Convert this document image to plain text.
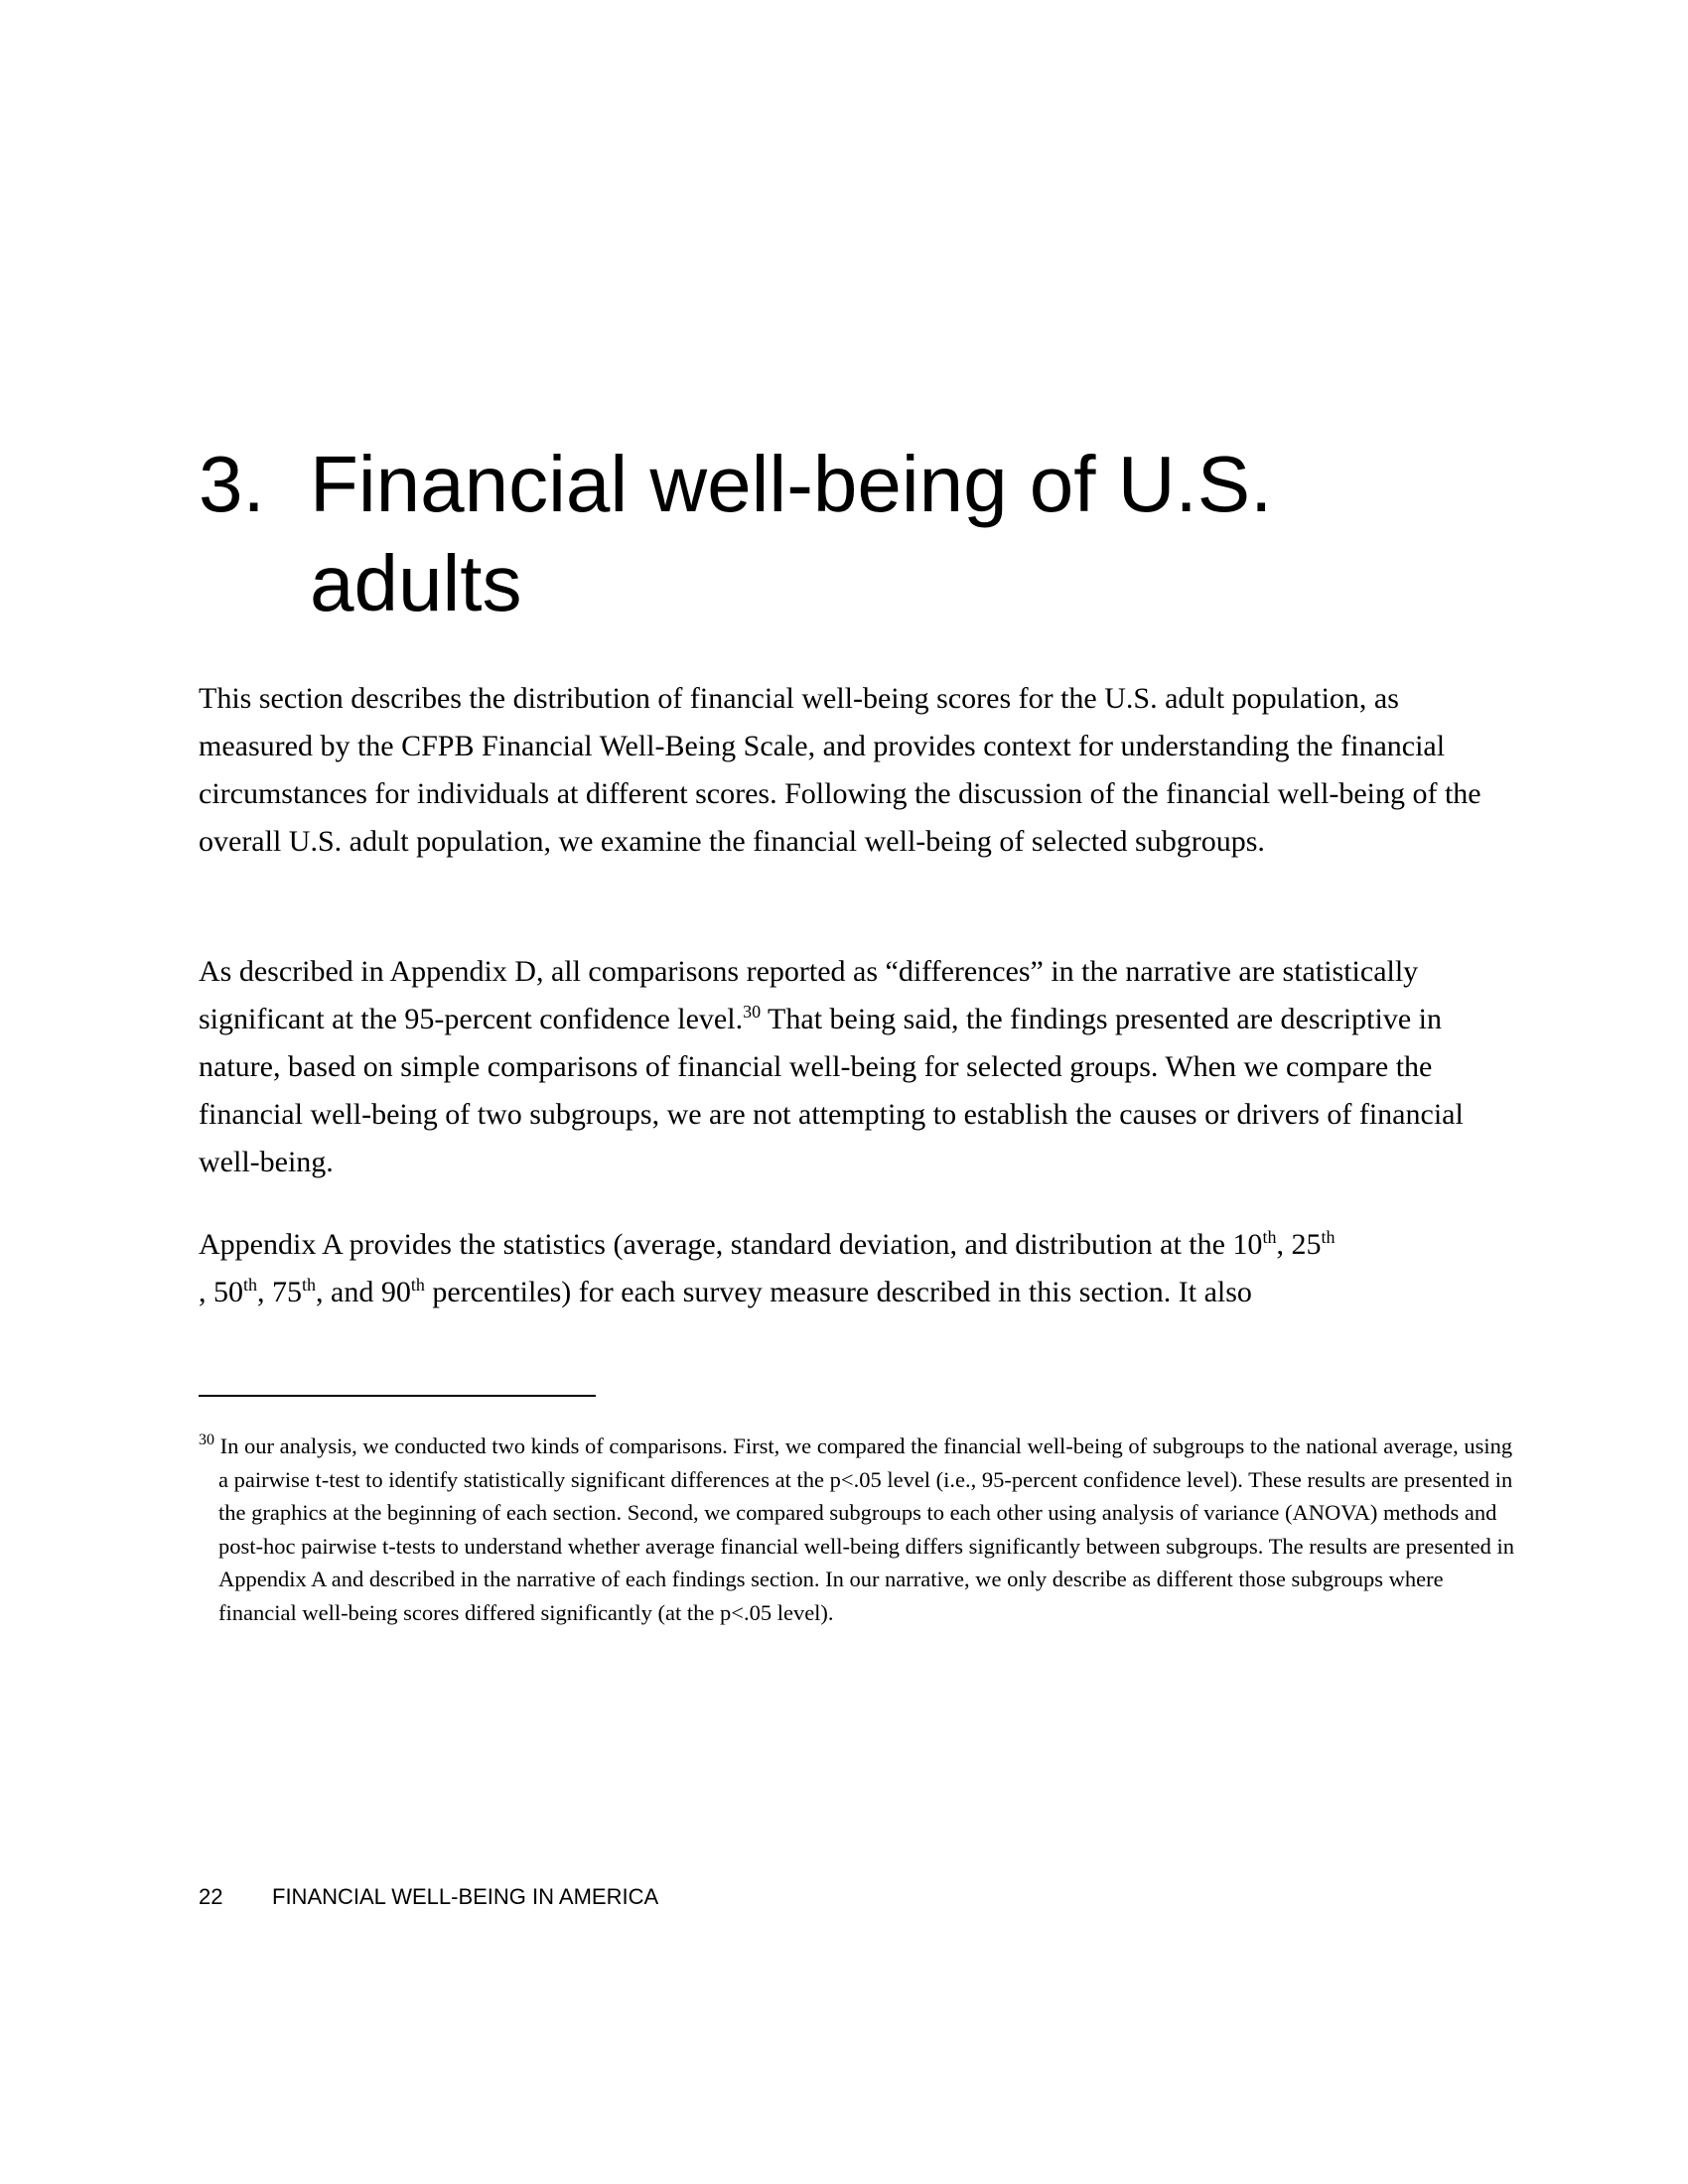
3. Financial well-being of U.S.
adults

This section describes the distribution of financial well-being scores for the U.S. adult population, as measured by the CFPB Financial Well-Being Scale, and provides context for understanding the financial circumstances for individuals at different scores. Following the discussion of the financial well-being of the overall U.S. adult population, we examine the financial well-being of selected subgroups.

As described in Appendix D, all comparisons reported as “differences” in the narrative are statistically significant at the 95-percent confidence level.$^{30}$ That being said, the findings presented are descriptive in nature, based on simple comparisons of financial well-being for selected groups. When we compare the financial well-being of two subgroups, we are not attempting to establish the causes or drivers of financial well-being.

Appendix A provides the statistics (average, standard deviation, and distribution at the 10th, 25th
, 50th, 75th, and 90th percentiles) for each survey measure described in this section. It also

$^{30}$ In our analysis, we conducted two kinds of comparisons. First, we compared the financial well-being of subgroups to the national average, using a pairwise t-test to identify statistically significant differences at the p<.05 level (i.e., 95-percent confidence level). These results are presented in the graphics at the beginning of each section. Second, we compared subgroups to each other using analysis of variance (ANOVA) methods and post-hoc pairwise t-tests to understand whether average financial well-being differs significantly between subgroups. The results are presented in Appendix A and described in the narrative of each findings section. In our narrative, we only describe as different those subgroups where financial well-being scores differed significantly (at the p<.05 level).

22 FINANCIAL WELL-BEING IN AMERICA
